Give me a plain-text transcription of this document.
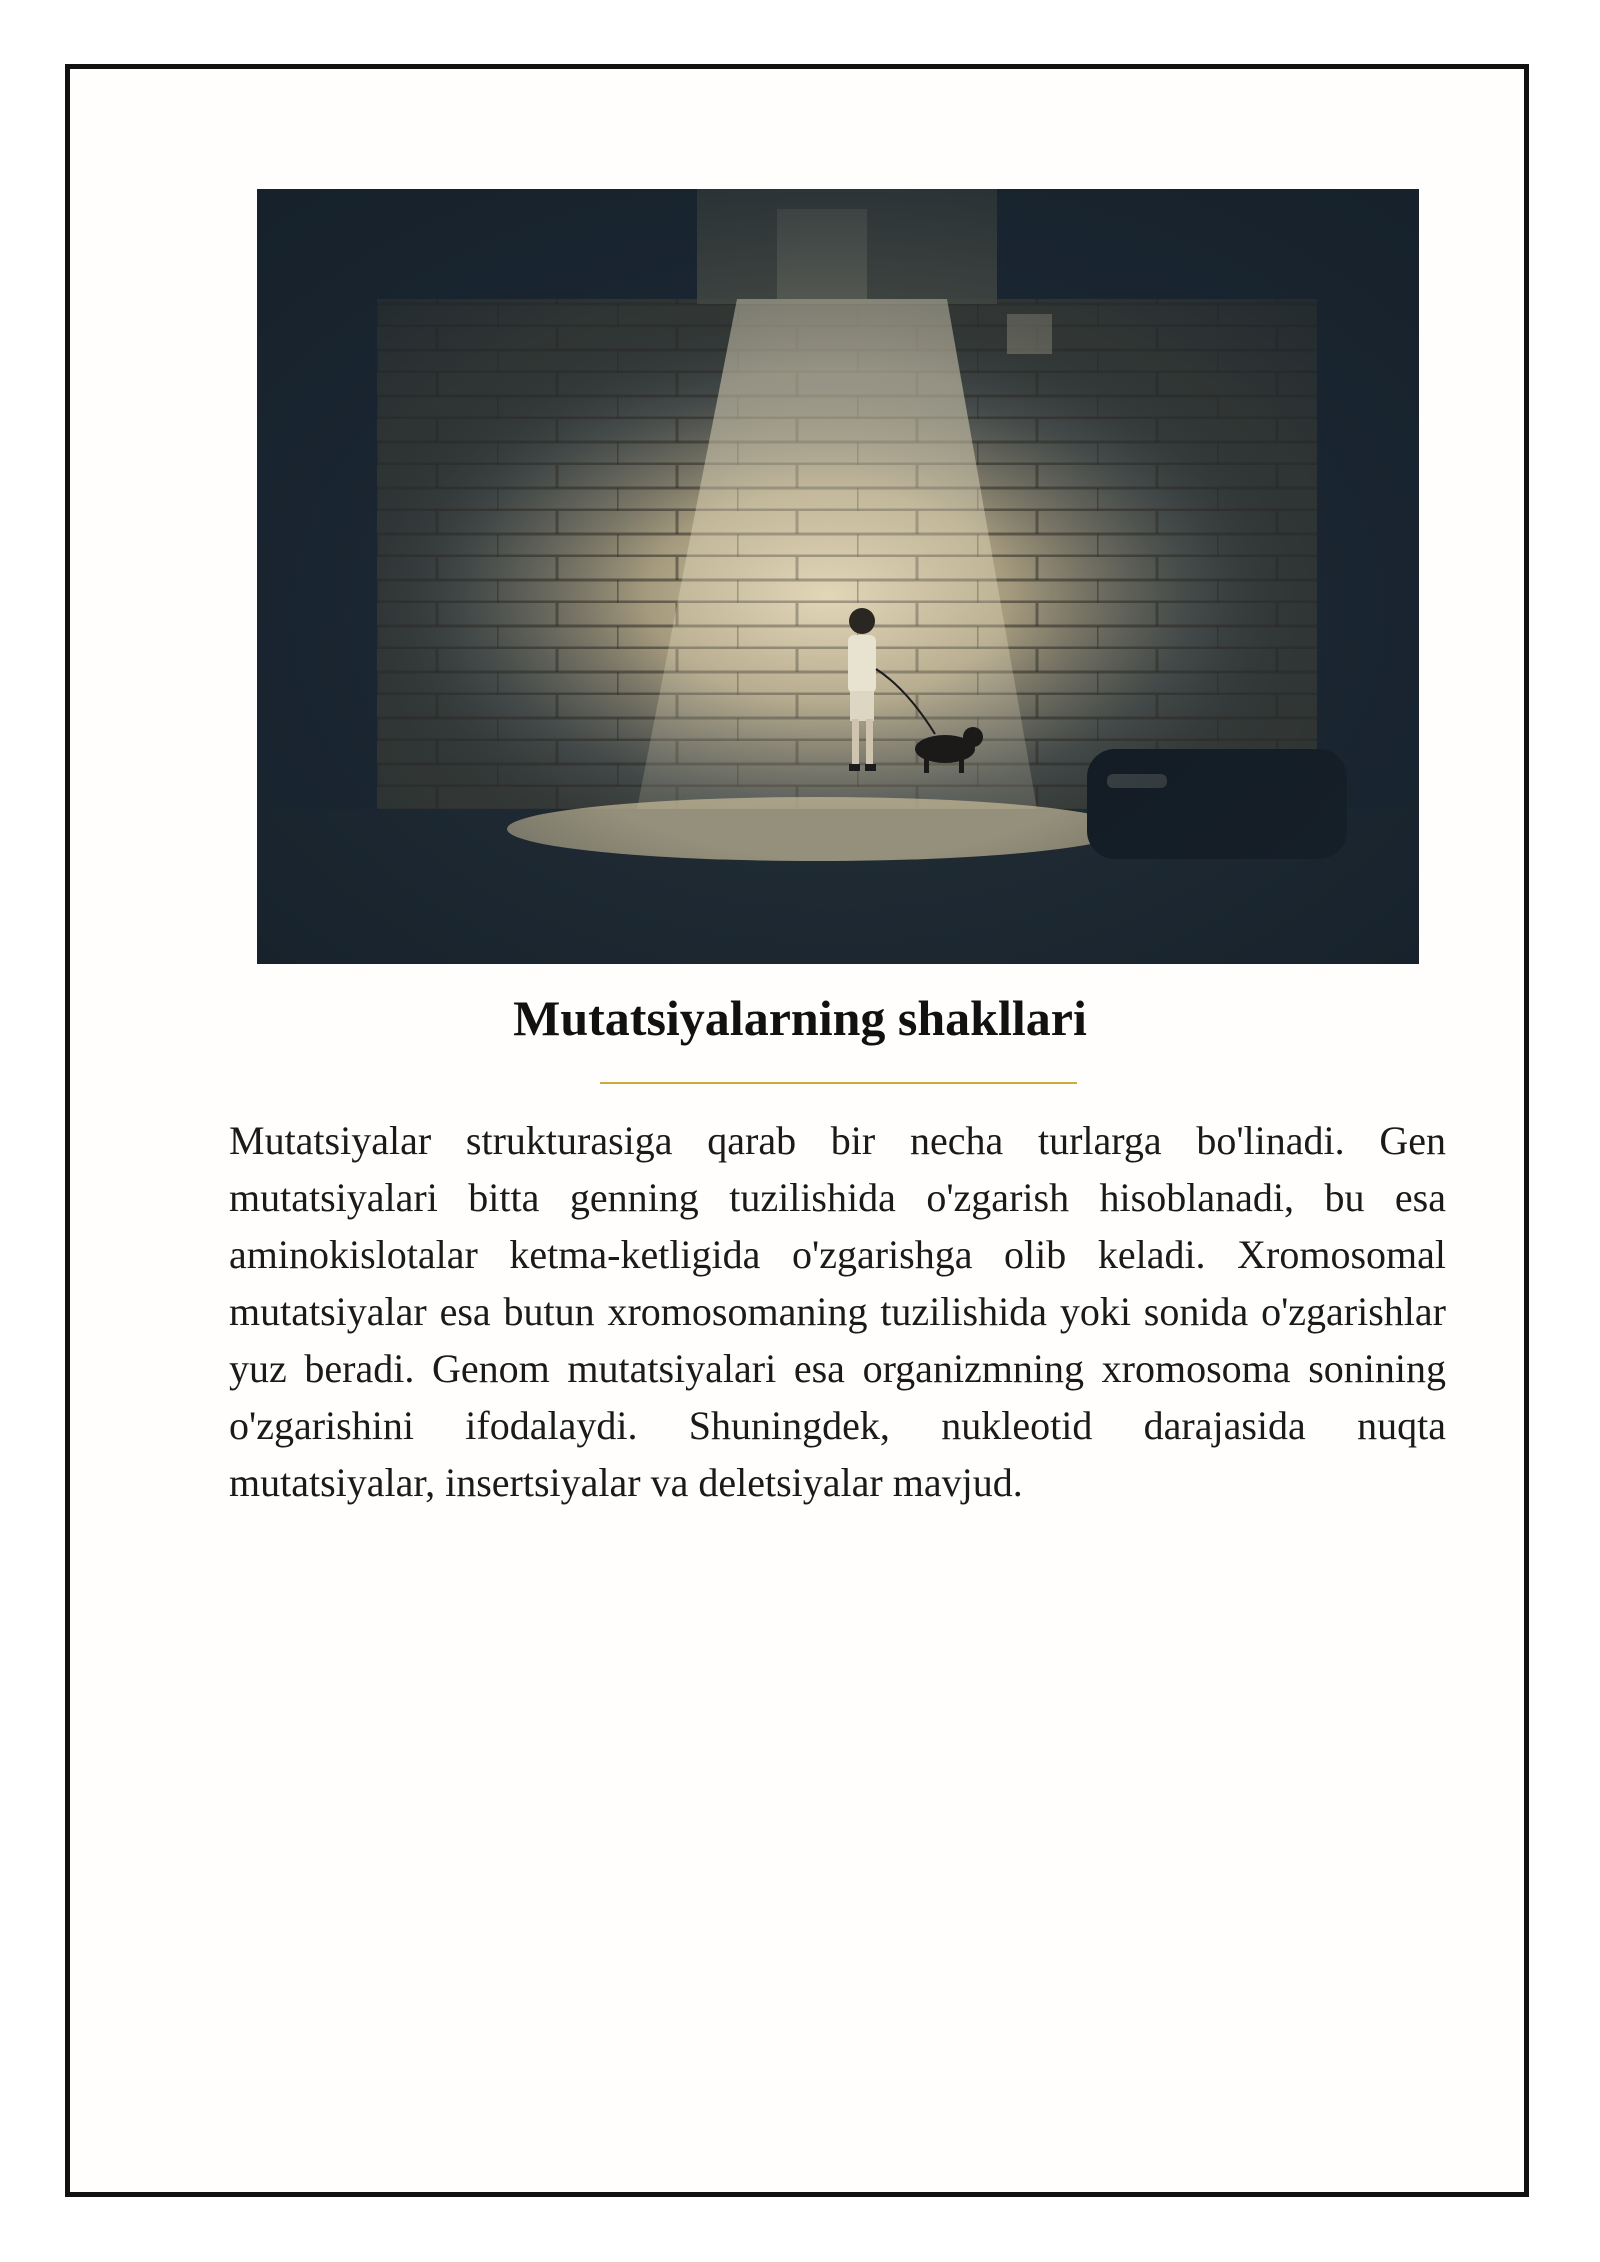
Mutatsiyalarning shakllari

Mutatsiyalar strukturasiga qarab bir necha turlarga bo'linadi. Gen mutatsiyalari bitta genning tuzilishida o'zgarish hisoblanadi, bu esa aminokislotalar ketma-ketligida o'zgarishga olib keladi. Xromosomal mutatsiyalar esa butun xromosomaning tuzilishida yoki sonida o'zgarishlar yuz beradi. Genom mutatsiyalari esa organizmning xromosoma sonining o'zgarishini ifodalaydi. Shuningdek, nukleotid darajasida nuqta mutatsiyalar, insertsiyalar va deletsiyalar mavjud.
